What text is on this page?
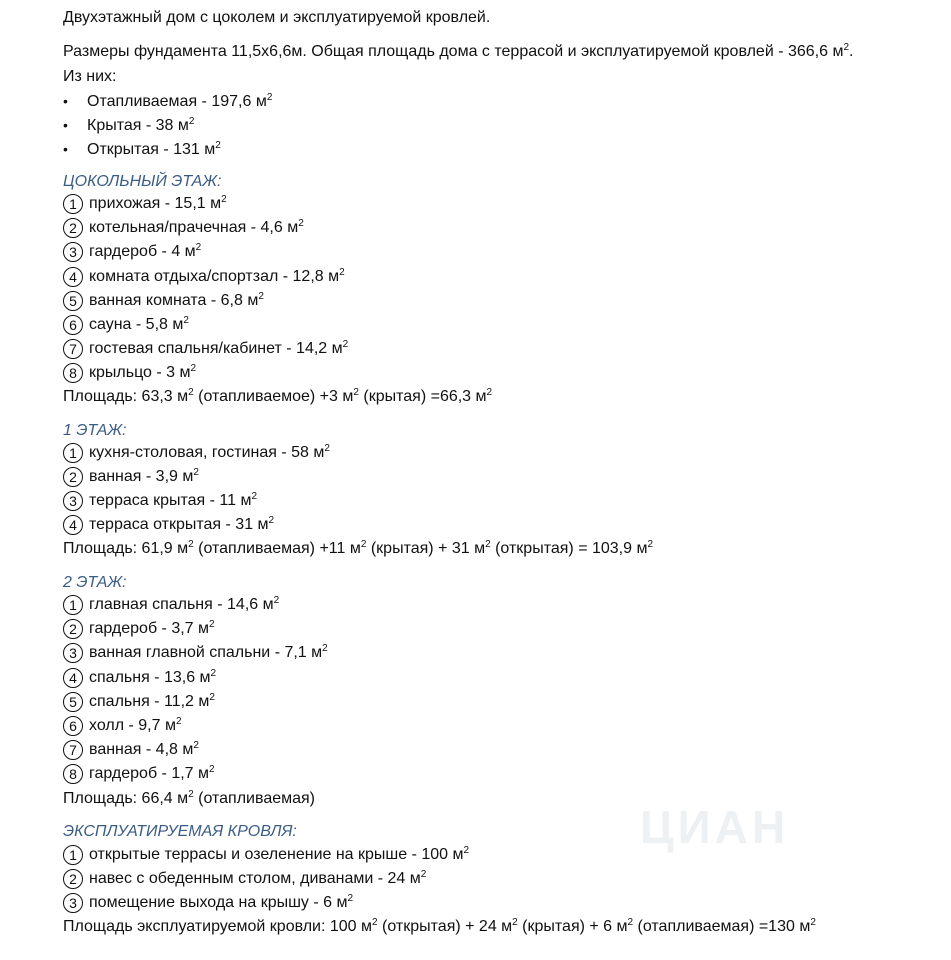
Двухэтажный дом с цоколем и эксплуатируемой кровлей.
Размеры фундамента 11,5х6,6м. Общая площадь дома с террасой и эксплуатируемой кровлей - 366,6 $м^2$.
Из них:
• Отапливаемая - 197,6 $м^2$
• Крытая - 38 $м^2$
• Открытая - 131 $м^2$
ЦОКОЛЬНЫЙ ЭТАЖ:
1 прихожая - 15,1 $м^2$
2 котельная/прачечная - 4,6 $м^2$
3 гардероб - 4 $м^2$
4 комната отдыха/спортзал - 12,8 $м^2$
5 ванная комната - 6,8 $м^2$
6 сауна - 5,8 $м^2$
7 гостевая спальня/кабинет - 14,2 $м^2$
8 крыльцо - 3 $м^2$
Площадь: 63,3 $м^2$ (отапливаемое) +3 $м^2$ (крытая) =66,3 $м^2$
1 ЭТАЖ:
1 кухня-столовая, гостиная - 58 $м^2$
2 ванная - 3,9 $м^2$
3 терраса крытая - 11 $м^2$
4 терраса открытая - 31 $м^2$
Площадь: 61,9 $м^2$ (отапливаемая) +11 $м^2$ (крытая) + 31 $м^2$ (открытая) = 103,9 $м^2$
2 ЭТАЖ:
1 главная спальня - 14,6 $м^2$
2 гардероб - 3,7 $м^2$
3 ванная главной спальни - 7,1 $м^2$
4 спальня - 13,6 $м^2$
5 спальня - 11,2 $м^2$
6 холл - 9,7 $м^2$
7 ванная - 4,8 $м^2$
8 гардероб - 1,7 $м^2$
Площадь: 66,4 $м^2$ (отапливаемая)
ЭКСПЛУАТИРУЕМАЯ КРОВЛЯ:
1 открытые террасы и озеленение на крыше - 100 $м^2$
2 навес с обеденным столом, диванами - 24 $м^2$
3 помещение выхода на крышу - 6 $м^2$
Площадь эксплуатируемой кровли: 100 $м^2$ (открытая) + 24 $м^2$ (крытая) + 6 $м^2$ (отапливаемая) =130 $м^2$
ЦИАН
